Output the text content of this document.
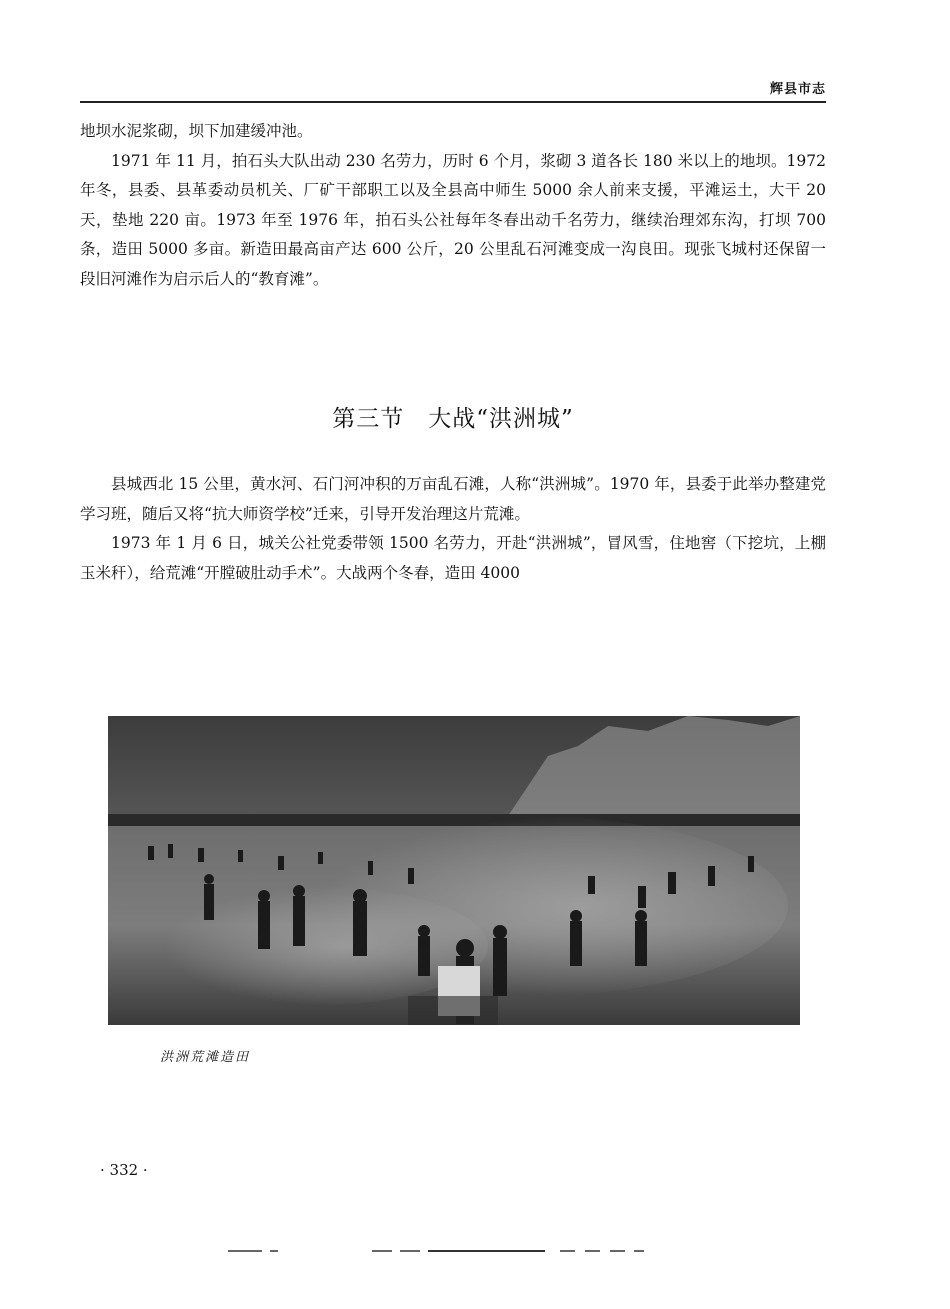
辉县市志

地坝水泥浆砌，坝下加建缓冲池。

1971 年 11 月，拍石头大队出动 230 名劳力，历时 6 个月，浆砌 3 道各长 180 米以上的地坝。1972 年冬，县委、县革委动员机关、厂矿干部职工以及全县高中师生 5000 余人前来支援，平滩运土，大干 20 天，垫地 220 亩。1973 年至 1976 年，拍石头公社每年冬春出动千名劳力，继续治理郊东沟，打坝 700 条，造田 5000 多亩。新造田最高亩产达 600 公斤，20 公里乱石河滩变成一沟良田。现张飞城村还保留一段旧河滩作为启示后人的“教育滩”。

第三节　大战“洪洲城”

县城西北 15 公里，黄水河、石门河冲积的万亩乱石滩，人称“洪洲城”。1970 年，县委于此举办整建党学习班，随后又将“抗大师资学校”迁来，引导开发治理这片荒滩。

1973 年 1 月 6 日，城关公社党委带领 1500 名劳力，开赴“洪洲城”，冒风雪，住地窖（下挖坑，上棚玉米秆），给荒滩“开膛破肚动手术”。大战两个冬春，造田 4000

洪洲荒滩造田
· 332 ·
